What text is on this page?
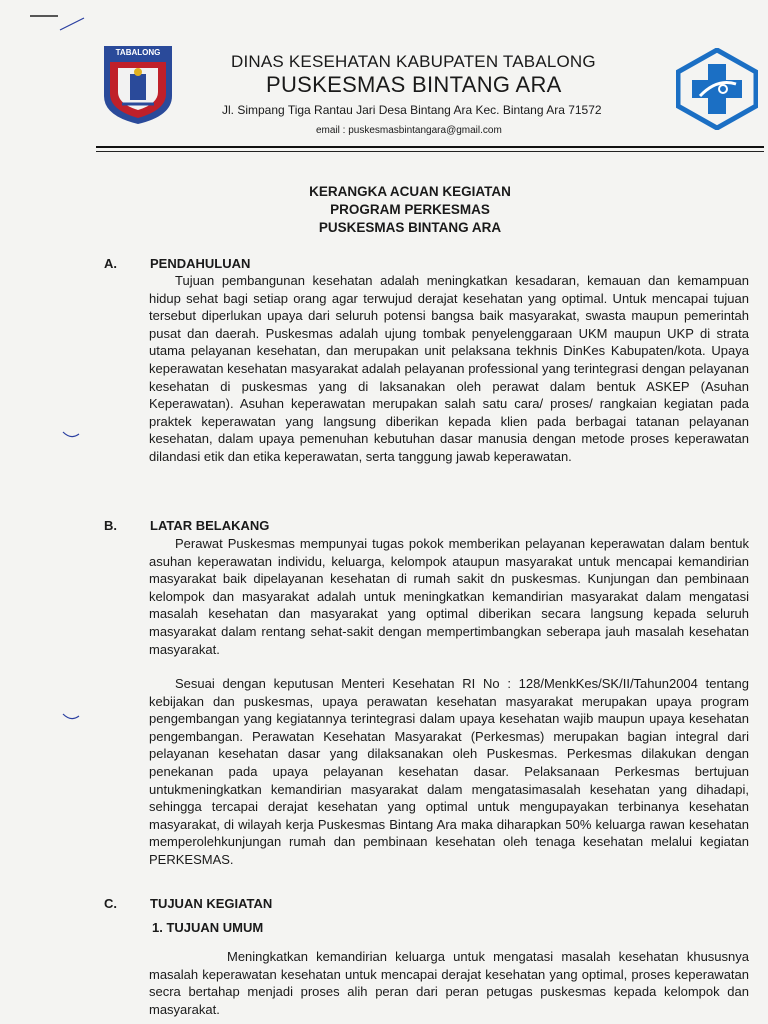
TABALONG	DINAS KESEHATAN KABUPATEN TABALONG
PUSKESMAS BINTANG ARA
Jl. Simpang Tiga Rantau Jari Desa Bintang Ara Kec. Bintang Ara 71572
email : puskesmasbintangara@gmail.com
KERANGKA ACUAN KEGIATAN
PROGRAM PERKESMAS
PUSKESMAS BINTANG ARA
A.	PENDAHULUAN

Tujuan pembangunan kesehatan adalah meningkatkan kesadaran, kemauan dan kemampuan hidup sehat bagi setiap orang agar terwujud derajat kesehatan yang optimal. Untuk mencapai tujuan tersebut diperlukan upaya dari seluruh potensi bangsa baik masyarakat, swasta maupun pemerintah pusat dan daerah. Puskesmas adalah ujung tombak penyelenggaraan UKM maupun UKP di strata utama pelayanan kesehatan, dan merupakan unit pelaksana tekhnis DinKes Kabupaten/kota. Upaya keperawatan kesehatan masyarakat adalah pelayanan professional yang terintegrasi dengan pelayanan kesehatan di puskesmas yang di laksanakan oleh perawat dalam bentuk ASKEP (Asuhan Keperawatan). Asuhan keperawatan merupakan salah satu cara/ proses/ rangkaian kegiatan pada praktek keperawatan yang langsung diberikan kepada klien pada berbagai tatanan pelayanan kesehatan, dalam upaya pemenuhan kebutuhan dasar manusia dengan metode proses keperawatan dilandasi etik dan etika keperawatan, serta tanggung jawab keperawatan.

B.	LATAR BELAKANG

Perawat Puskesmas mempunyai tugas pokok memberikan pelayanan keperawatan dalam bentuk asuhan keperawatan individu, keluarga, kelompok ataupun masyarakat untuk mencapai kemandirian masyarakat baik dipelayanan kesehatan di rumah sakit dn puskesmas. Kunjungan dan pembinaan kelompok dan masyarakat adalah untuk meningkatkan kemandirian masyarakat dalam mengatasi masalah kesehatan dan masyarakat yang optimal diberikan secara langsung kepada seluruh masyarakat dalam rentang sehat-sakit dengan mempertimbangkan seberapa jauh masalah kesehatan masyarakat.

Sesuai dengan keputusan Menteri Kesehatan RI No : 128/MenkKes/SK/II/Tahun2004 tentang kebijakan dan puskesmas, upaya perawatan kesehatan masyarakat merupakan upaya program pengembangan yang kegiatannya terintegrasi dalam upaya kesehatan wajib maupun upaya kesehatan pengembangan. Perawatan Kesehatan Masyarakat (Perkesmas) merupakan bagian integral dari pelayanan kesehatan dasar yang dilaksanakan oleh Puskesmas. Perkesmas dilakukan dengan penekanan pada upaya pelayanan kesehatan dasar. Pelaksanaan Perkesmas bertujuan untukmeningkatkan kemandirian masyarakat dalam mengatasimasalah kesehatan yang dihadapi, sehingga tercapai derajat kesehatan yang optimal untuk mengupayakan terbinanya kesehatan masyarakat, di wilayah kerja Puskesmas Bintang Ara maka diharapkan 50% keluarga rawan kesehatan memperolehkunjungan rumah dan pembinaan kesehatan oleh tenaga kesehatan melalui kegiatan PERKESMAS.

C.	TUJUAN KEGIATAN
1. TUJUAN UMUM

Meningkatkan kemandirian keluarga untuk mengatasi masalah kesehatan khususnya masalah keperawatan kesehatan untuk mencapai derajat kesehatan yang optimal, proses keperawatan secra bertahap menjadi proses alih peran dari peran petugas puskesmas kepada kelompok dan masyarakat.
